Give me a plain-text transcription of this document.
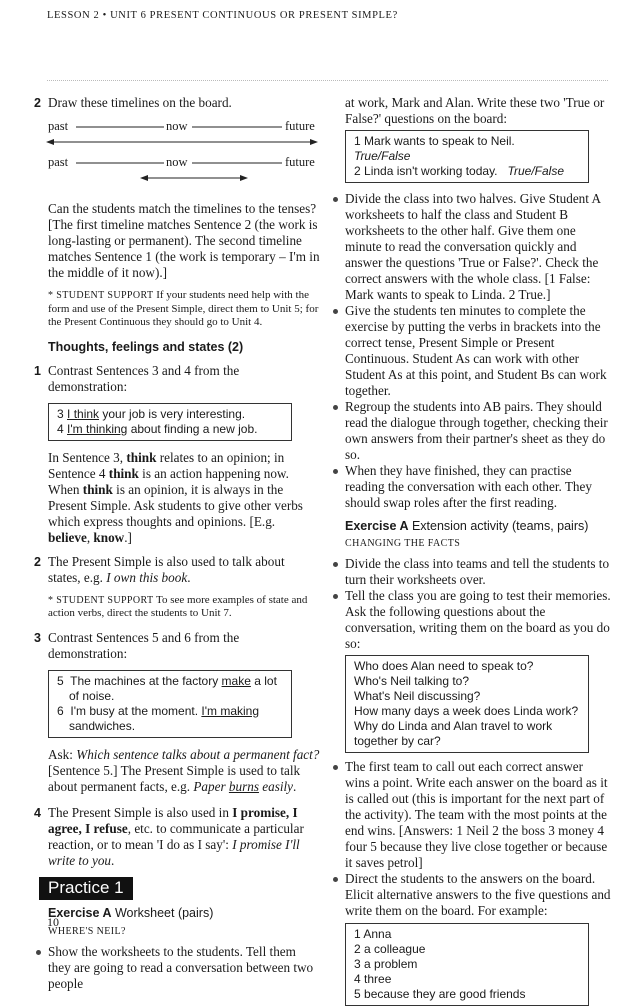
LESSON 2 • UNIT 6 PRESENT CONTINUOUS OR PRESENT SIMPLE?
2 Draw these timelines on the board.
past	now	future
past	now	future

Can the students match the timelines to the tenses? [The first timeline matches Sentence 2 (the work is long-lasting or permanent). The second timeline matches Sentence 1 (the work is temporary – I'm in the middle of it now).]

* STUDENT SUPPORT If your students need help with the form and use of the Present Simple, direct them to Unit 5; for the Present Continuous they should go to Unit 4.

Thoughts, feelings and states (2)

1 Contrast Sentences 3 and 4 from the demonstration:
3 I think your job is very interesting.
4 I'm thinking about finding a new job.

In Sentence 3, think relates to an opinion; in Sentence 4 think is an action happening now. When think is an opinion, it is always in the Present Simple. Ask students to give other verbs which express thoughts and opinions. [E.g. believe, know.]

2 The Present Simple is also used to talk about states, e.g. I own this book.

* STUDENT SUPPORT To see more examples of state and action verbs, direct the students to Unit 7.

3 Contrast Sentences 5 and 6 from the demonstration:
5 The machines at the factory make a lot of noise.
6 I'm busy at the moment. I'm making sandwiches.

Ask: Which sentence talks about a permanent fact? [Sentence 5.] The Present Simple is used to talk about permanent facts, e.g. Paper burns easily.

4 The Present Simple is also used in I promise, I agree, I refuse, etc. to communicate a particular reaction, or to mean 'I do as I say': I promise I'll write to you.
Practice 1

Exercise A Worksheet (pairs)

WHERE'S NEIL?

Show the worksheets to the students. Tell them they are going to read a conversation between two people

at work, Mark and Alan. Write these two 'True or False?' questions on the board:

1 Mark wants to speak to Neil.   True/False
2 Linda isn't working today. True/False
Divide the class into two halves. Give Student A worksheets to half the class and Student B worksheets to the other half. Give them one minute to read the conversation quickly and answer the questions 'True or False?'. Check the correct answers with the whole class. [1 False: Mark wants to speak to Linda. 2 True.]
Give the students ten minutes to complete the exercise by putting the verbs in brackets into the correct tense, Present Simple or Present Continuous. Student As can work with other Student As at this point, and Student Bs can work together.
Regroup the students into AB pairs. They should read the dialogue through together, checking their own answers from their partner's sheet as they do so.
When they have finished, they can practise reading the conversation with each other. They should swap roles after the first reading.

Exercise A Extension activity (teams, pairs)

CHANGING THE FACTS

Divide the class into teams and tell the students to turn their worksheets over.
Tell the class you are going to test their memories. Ask the following questions about the conversation, writing them on the board as you do so:
Who does Alan need to speak to?
Who's Neil talking to?
What's Neil discussing?
How many days a week does Linda work?
Why do Linda and Alan travel to work
together by car?
The first team to call out each correct answer wins a point. Write each answer on the board as it is called out (this is important for the next part of the activity). The team with the most points at the end wins. [Answers: 1 Neil 2 the boss 3 money 4 four 5 because they live close together or because it saves petrol]
Direct the students to the answers on the board. Elicit alternative answers to the five questions and write them on the board. For example:
1 Anna
2 a colleague
3 a problem
4 three
5 because they are good friends
10
